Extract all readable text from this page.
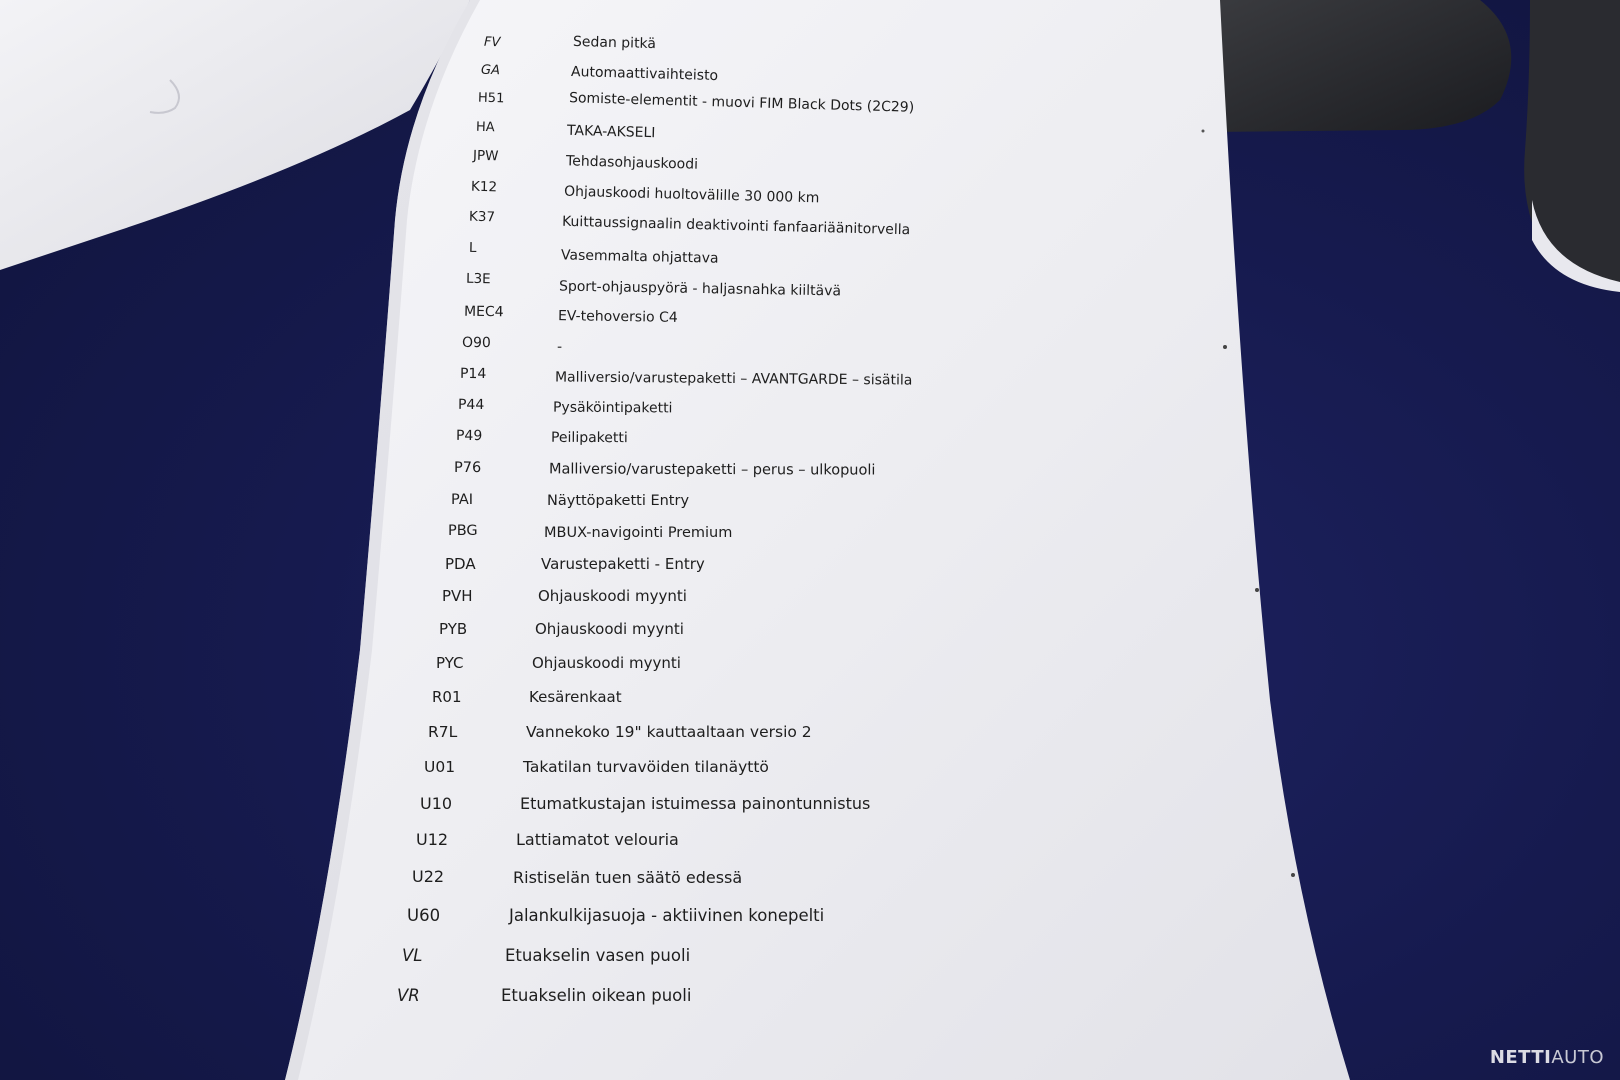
FV	Sedan pitkä
GA	Automaattivaihteisto
H51	Somiste-elementit - muovi FIM Black Dots (2C29)
HA	TAKA-AKSELI
JPW	Tehdasohjauskoodi
K12	Ohjauskoodi huoltovälille 30 000 km
K37	Kuittaussignaalin deaktivointi fanfaariäänitorvella
L	Vasemmalta ohjattava
L3E	Sport-ohjauspyörä - haljasnahka kiiltävä
MEC4	EV-tehoversio C4
O90	-
P14	Malliversio/varustepaketti – AVANTGARDE – sisätila
P44	Pysäköintipaketti
P49	Peilipaketti
P76	Malliversio/varustepaketti – perus – ulkopuoli
PAI	Näyttöpaketti Entry
PBG	MBUX-navigointi Premium
PDA	Varustepaketti - Entry
PVH	Ohjauskoodi myynti
PYB	Ohjauskoodi myynti
PYC	Ohjauskoodi myynti
R01	Kesärenkaat
R7L	Vannekoko 19" kauttaaltaan versio 2
U01	Takatilan turvavöiden tilanäyttö
U10	Etumatkustajan istuimessa painontunnistus
U12	Lattiamatot velouria
U22	Ristiselän tuen säätö edessä
U60	Jalankulkijasuoja - aktiivinen konepelti
VL	Etuakselin vasen puoli
VR	Etuakselin oikean puoli
NETTIAUTO
